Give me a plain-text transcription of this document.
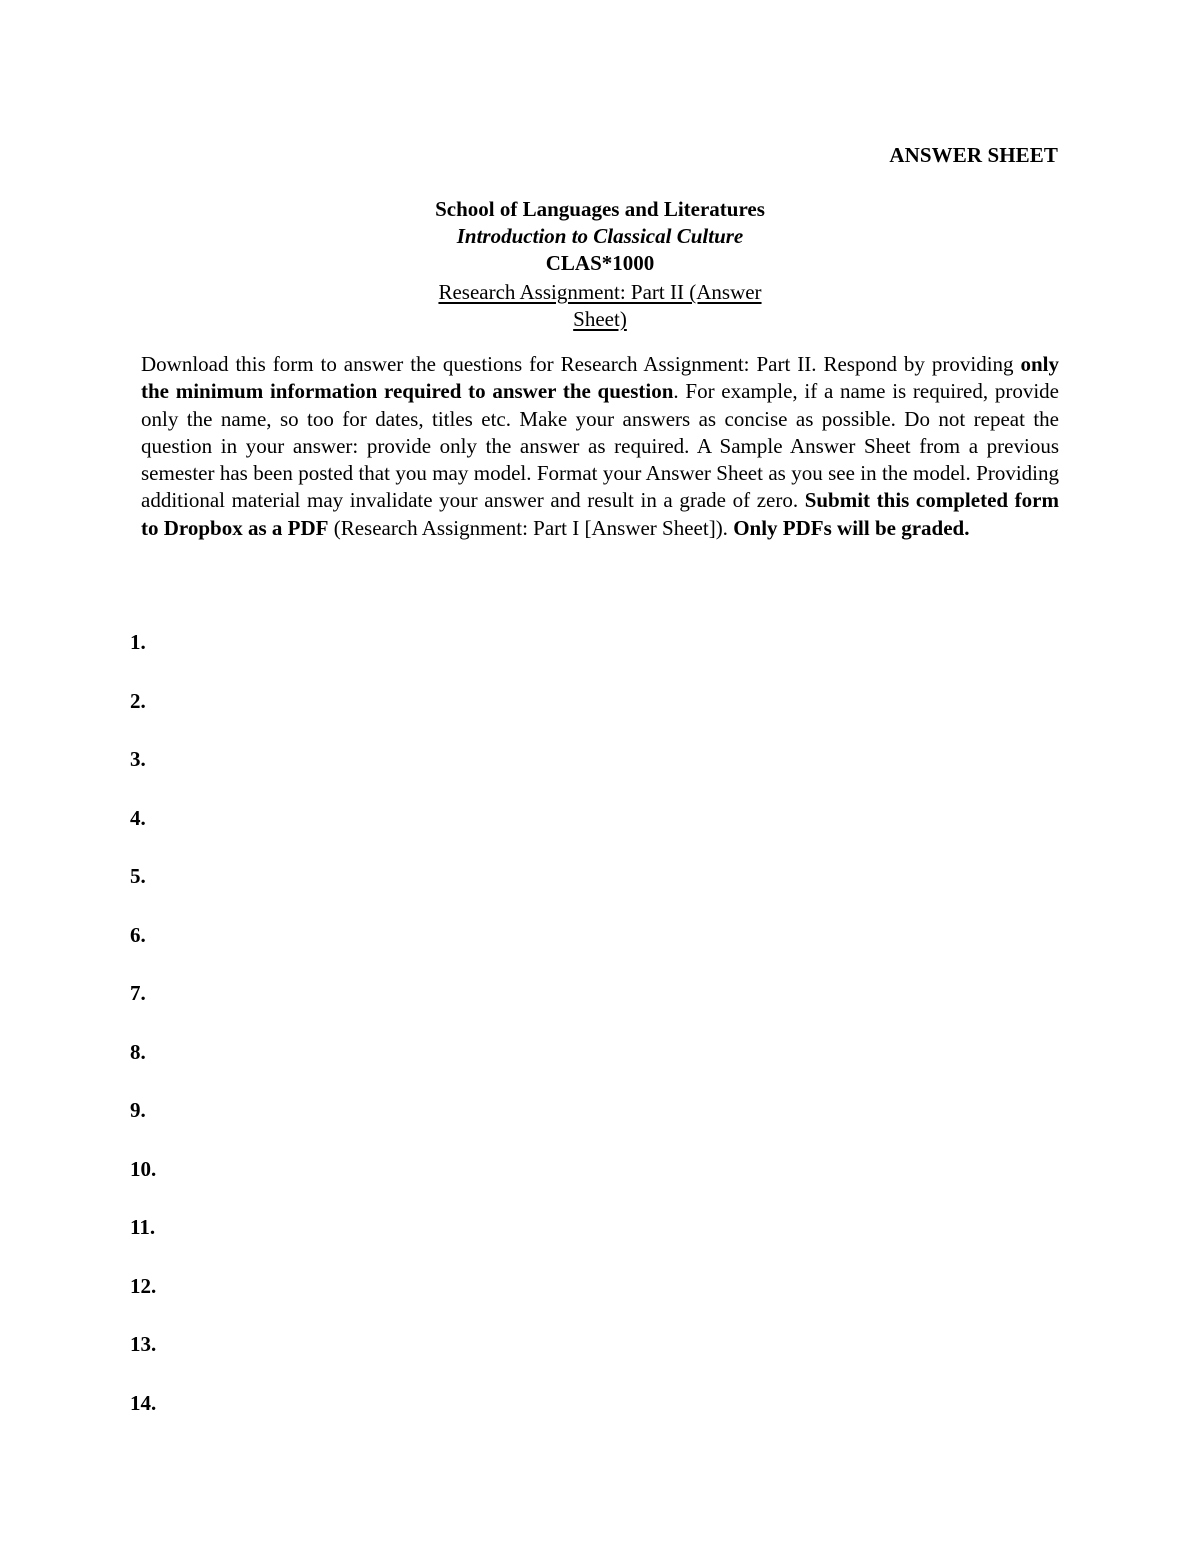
ANSWER SHEET
School of Languages and Literatures
Introduction to Classical Culture
CLAS*1000
Research Assignment: Part II (Answer Sheet)
Download this form to answer the questions for Research Assignment: Part II. Respond by providing only the minimum information required to answer the question. For example, if a name is required, provide only the name, so too for dates, titles etc. Make your answers as concise as possible. Do not repeat the question in your answer: provide only the answer as required. A Sample Answer Sheet from a previous semester has been posted that you may model. Format your Answer Sheet as you see in the model. Providing additional material may invalidate your answer and result in a grade of zero. Submit this completed form to Dropbox as a PDF (Research Assignment: Part I [Answer Sheet]). Only PDFs will be graded.
1.
2.
3.
4.
5.
6.
7.
8.
9.
10.
11.
12.
13.
14.
